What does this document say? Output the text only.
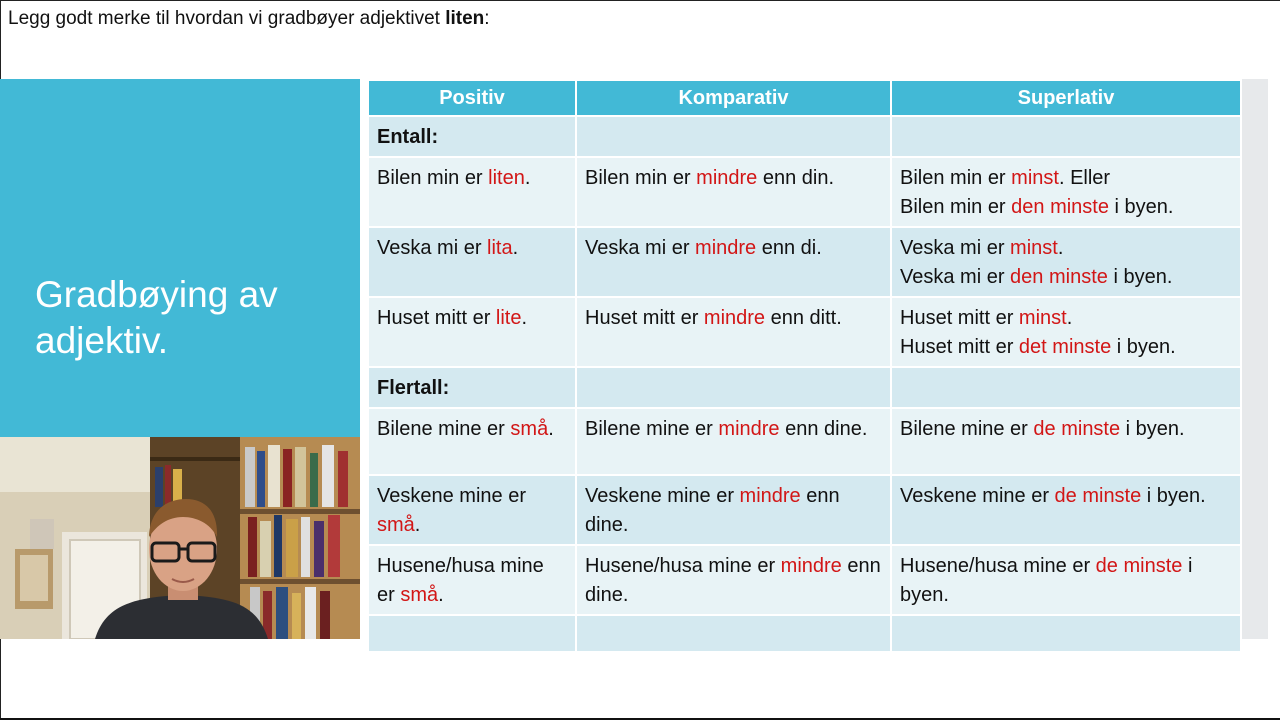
Legg godt merke til hvordan vi gradbøyer adjektivet liten:
Gradbøying av
adjektiv.
Positiv	Komparativ	Superlativ
Entall:		
Bilen min er liten.	Bilen min er mindre enn din.	Bilen min er minst. Eller
Bilen min er den minste i byen.
Veska mi er lita.	Veska mi er mindre enn di.	Veska mi er minst.
Veska mi er den minste i byen.
Huset mitt er lite.	Huset mitt er mindre enn ditt.	Huset mitt er minst.
Huset mitt er det minste i byen.
Flertall:		
Bilene mine er små.	Bilene mine er mindre enn dine.	Bilene mine er de minste i byen.
Veskene mine er små.	Veskene mine er mindre enn dine.	Veskene mine er de minste i byen.
Husene/husa mine er små.	Husene/husa mine er mindre enn dine.	Husene/husa mine er de minste i byen.
